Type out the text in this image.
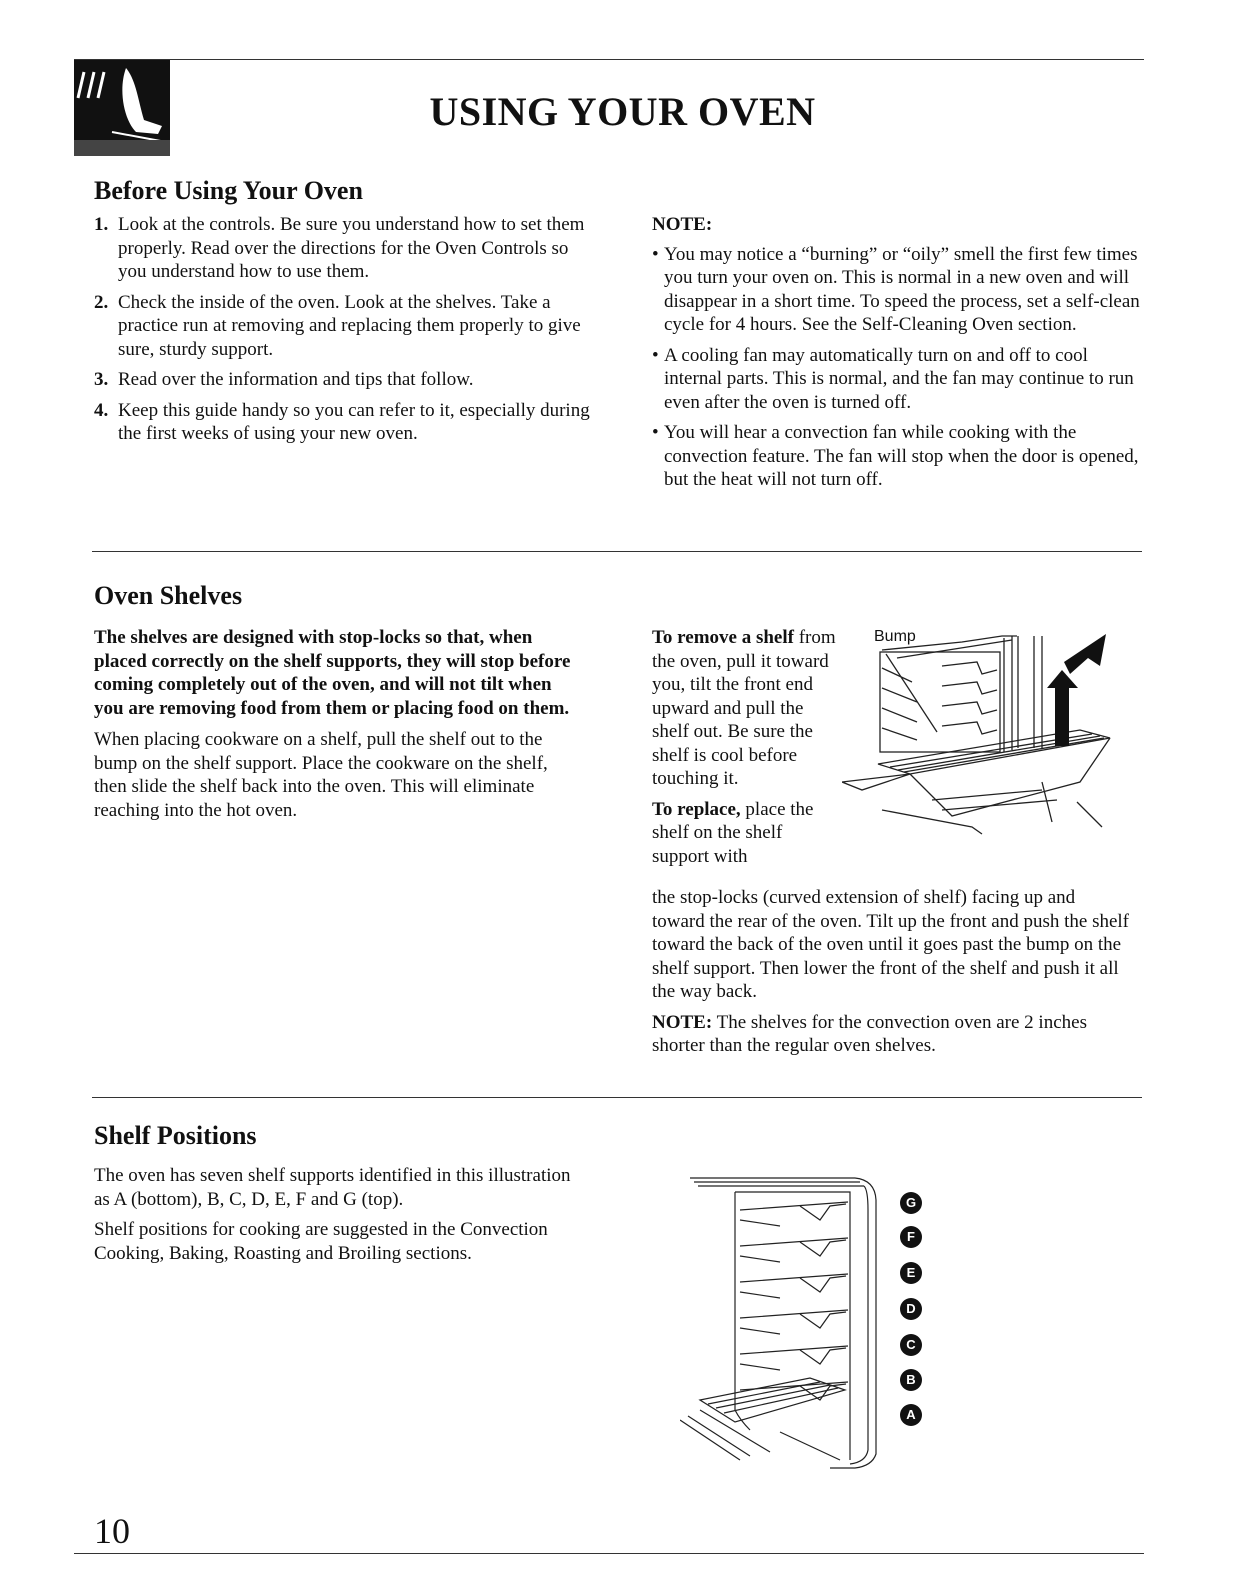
USING YOUR OVEN
Before Using Your Oven
1. Look at the controls. Be sure you understand how to set them properly. Read over the directions for the Oven Controls so you understand how to use them.
2. Check the inside of the oven. Look at the shelves. Take a practice run at removing and replacing them properly to give sure, sturdy support.
3. Read over the information and tips that follow.
4. Keep this guide handy so you can refer to it, especially during the first weeks of using your new oven.

NOTE:

• You may notice a “burning” or “oily” smell the first few times you turn your oven on. This is normal in a new oven and will disappear in a short time. To speed the process, set a self-clean cycle for 4 hours. See the Self-Cleaning Oven section.
• A cooling fan may automatically turn on and off to cool internal parts. This is normal, and the fan may continue to run even after the oven is turned off.
• You will hear a convection fan while cooking with the convection feature. The fan will stop when the door is opened, but the heat will not turn off.
Oven Shelves

The shelves are designed with stop-locks so that, when placed correctly on the shelf supports, they will stop before coming completely out of the oven, and will not tilt when you are removing food from them or placing food on them.

When placing cookware on a shelf, pull the shelf out to the bump on the shelf support. Place the cookware on the shelf, then slide the shelf back into the oven. This will eliminate reaching into the hot oven.

To remove a shelf from the oven, pull it toward you, tilt the front end upward and pull the shelf out. Be sure the shelf is cool before touching it.

To replace, place the shelf on the shelf support with

the stop-locks (curved extension of shelf) facing up and toward the rear of the oven. Tilt up the front and push the shelf toward the back of the oven until it goes past the bump on the shelf support. Then lower the front of the shelf and push it all the way back.

NOTE: The shelves for the convection oven are 2 inches shorter than the regular oven shelves.

Bump
Shelf Positions

The oven has seven shelf supports identified in this illustration as A (bottom), B, C, D, E, F and G (top).

Shelf positions for cooking are suggested in the Convection Cooking, Baking, Roasting and Broiling sections.

G
F
E
D
C
B
A
10
